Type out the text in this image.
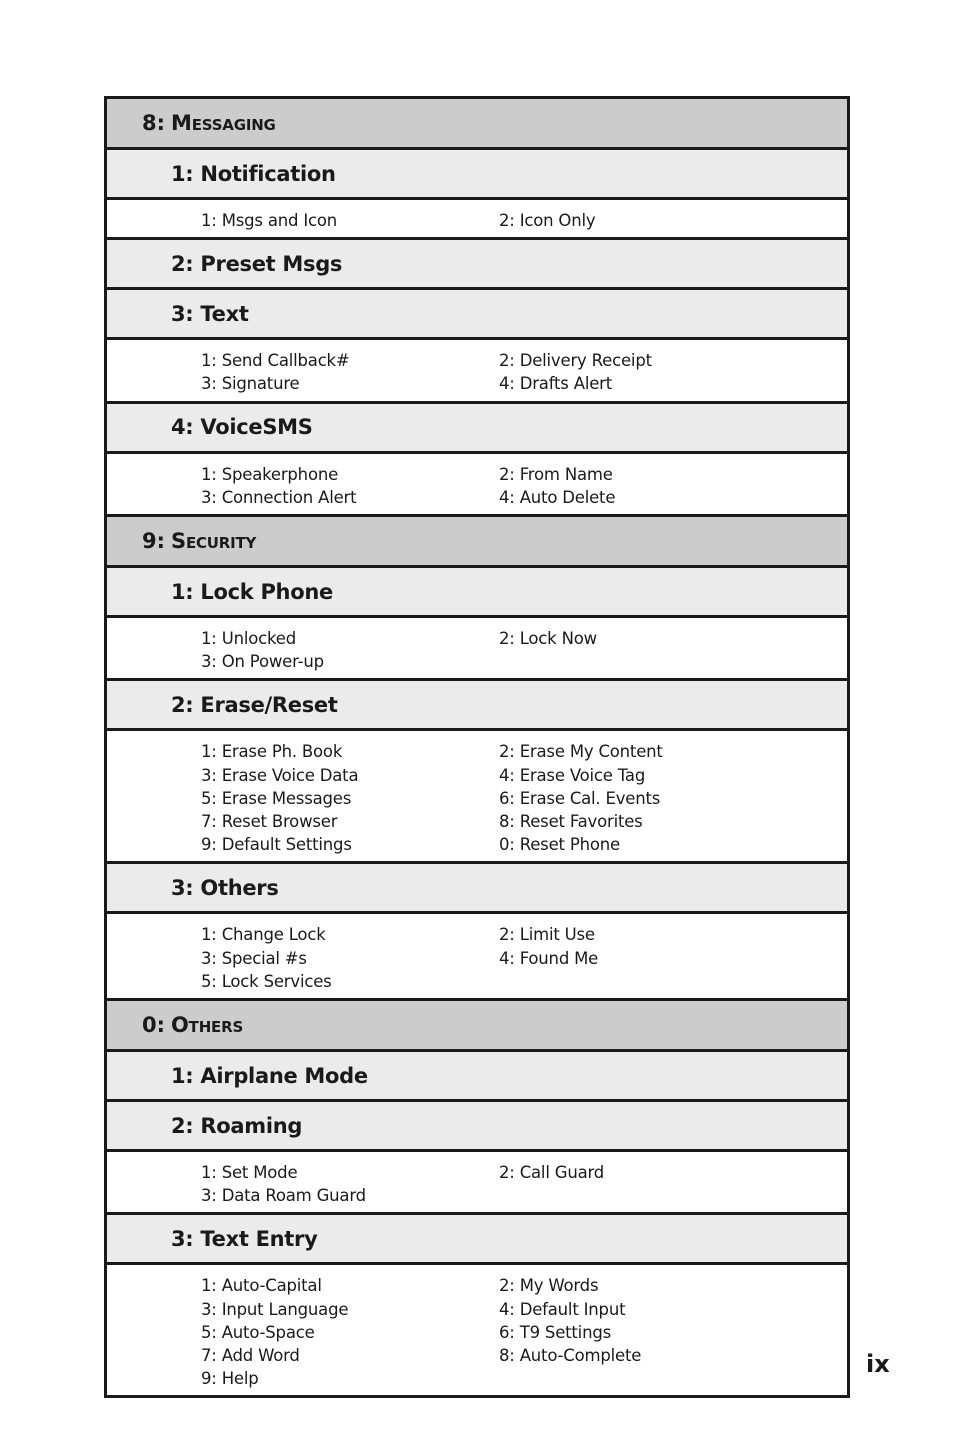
8: Messaging
1: Notification
1: Msgs and Icon	2: Icon Only
2: Preset Msgs
3: Text
1: Send Callback#	2: Delivery Receipt
3: Signature	4: Drafts Alert
4: VoiceSMS
1: Speakerphone	2: From Name
3: Connection Alert	4: Auto Delete
9: Security
1: Lock Phone
1: Unlocked	2: Lock Now
3: On Power-up
2: Erase/Reset
1: Erase Ph. Book	2: Erase My Content
3: Erase Voice Data	4: Erase Voice Tag
5: Erase Messages	6: Erase Cal. Events
7: Reset Browser	8: Reset Favorites
9: Default Settings	0: Reset Phone
3: Others
1: Change Lock	2: Limit Use
3: Special #s	4: Found Me
5: Lock Services
0: Others
1: Airplane Mode
2: Roaming
1: Set Mode	2: Call Guard
3: Data Roam Guard
3: Text Entry
1: Auto-Capital	2: My Words
3: Input Language	4: Default Input
5: Auto-Space	6: T9 Settings
7: Add Word	8: Auto-Complete
9: Help
ix
